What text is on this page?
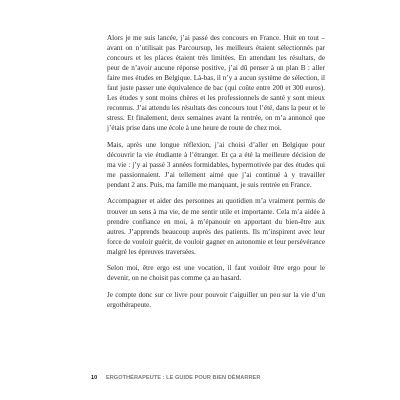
Alors je me suis lancée, j’ai passé des concours en France. Huit en tout – avant on n’utilisait pas Parcoursup, les meilleurs étaient sélectionnés par concours et les places étaient très limitées. En attendant les résultats, de peur de n’avoir aucune réponse positive, j’ai dû penser à un plan B : aller faire mes études en Belgique. Là-bas, il n’y a aucun système de sélection, il faut juste passer une équivalence de bac (qui coûte entre 200 et 300 euros). Les études y sont moins chères et les professionnels de santé y sont mieux reconnus. J’ai attendu les résultats des concours tout l’été, dans la peur et le stress. Et finalement, deux semaines avant la rentrée, on m’a annoncé que j’étais prise dans une école à une heure de route de chez moi.

Mais, après une longue réflexion, j’ai choisi d’aller en Belgique pour découvrir la vie étudiante à l’étranger. Et ça a été la meilleure décision de ma vie : j’y ai passé 3 années formidables, hypermotivée par des études qui me passionnaient. J’ai tellement aimé que j’ai continué à y travailler pendant 2 ans. Puis, ma famille me manquant, je suis rentrée en France.

Accompagner et aider des personnes au quotidien m’a vraiment permis de trouver un sens à ma vie, de me sentir utile et importante. Cela m’a aidée à prendre confiance en moi, à m’épanouir en apportant du bien-être aux autres. J’apprends beaucoup auprès des patients. Ils m’inspirent avec leur force de vouloir guérir, de vouloir gagner en autonomie et leur persévérance malgré les épreuves traversées.

Selon moi, être ergo est une vocation, il faut vouloir être ergo pour le devenir, on ne choisit pas comme ça au hasard.

Je compte donc sur ce livre pour pouvoir t’aiguiller un peu sur la vie d’un ergothérapeute.

10 ERGOTHÉRAPEUTE : LE GUIDE POUR BIEN DÉMARRER
